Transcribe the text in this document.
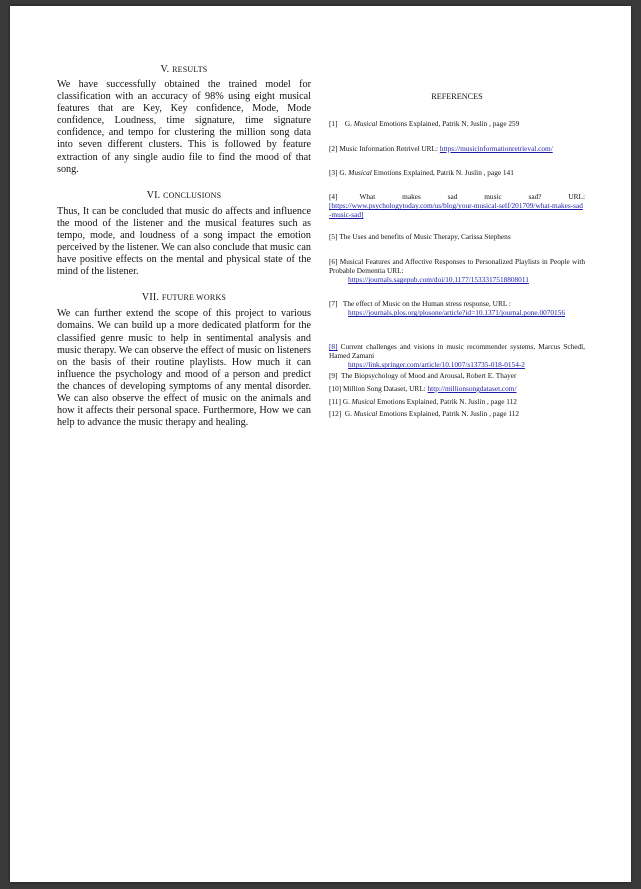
V. RESULTS

We have successfully obtained the trained model for classification with an accuracy of 98% using eight musical features that are Key, Key confidence, Mode, Mode confidence, Loudness, time signature, time signature confidence, and tempo for clustering the million song data into seven different clusters. This is followed by feature extraction of any single audio file to find the mood of that song.

VI. CONCLUSIONS

Thus, It can be concluded that music do affects and influence the mood of the listener and the musical features such as tempo, mode, and loudness of a song impact the emotion perceived by the listener. We can also conclude that music can have positive effects on the mental and physical state of the mind of the listener.

VII. FUTURE WORKS

We can further extend the scope of this project to various domains. We can build up a more dedicated platform for the classified genre music to help in sentimental analysis and music therapy. We can observe the effect of music on listeners on the basis of their routine playlists. How much it can influence the psychology and mood of a person and predict the chances of developing symptoms of any mental disorder. We can also observe the effect of music on the animals and how it affects their personal space. Furthermore, How we can help to advance the music therapy and healing.

REFERENCES
[1] G. Musical Emotions Explained, Patrik N. Juslin , page 259
[2] Music Information Retrivel URL: https://musicinformationretrieval.com/
[3] G. Musical Emotions Explained, Patrik N. Juslin , page 141
[4]	What	makes	sad	music	sad?	URL:
[https://www.psychologytoday.com/us/blog/your-musical-self/201709/what-makes-sad-music-sad]
[5] The Uses and benefits of Music Therapy, Carissa Stephens
[6] Musical Features and Affective Responses to Personalized Playlists in People with Probable Dementia URL:
https://journals.sagepub.com/doi/10.1177/1533317518808011
[7] The effect of Music on the Human stress response, URL :
https://journals.plos.org/plosone/article?id=10.1371/journal.pone.0070156
[8] Current challenges and visions in music recommender systems, Marcus Schedl, Hamed Zamani
https://link.springer.com/article/10.1007/s13735-018-0154-2
[9] The Biopsychology of Mood and Arousal, Robert E. Thayer
[10] Million Song Dataset, URL: http://millionsongdataset.com/
[11] G. Musical Emotions Explained, Patrik N. Juslin , page 112
[12] G. Musical Emotions Explained, Patrik N. Juslin , page 112
